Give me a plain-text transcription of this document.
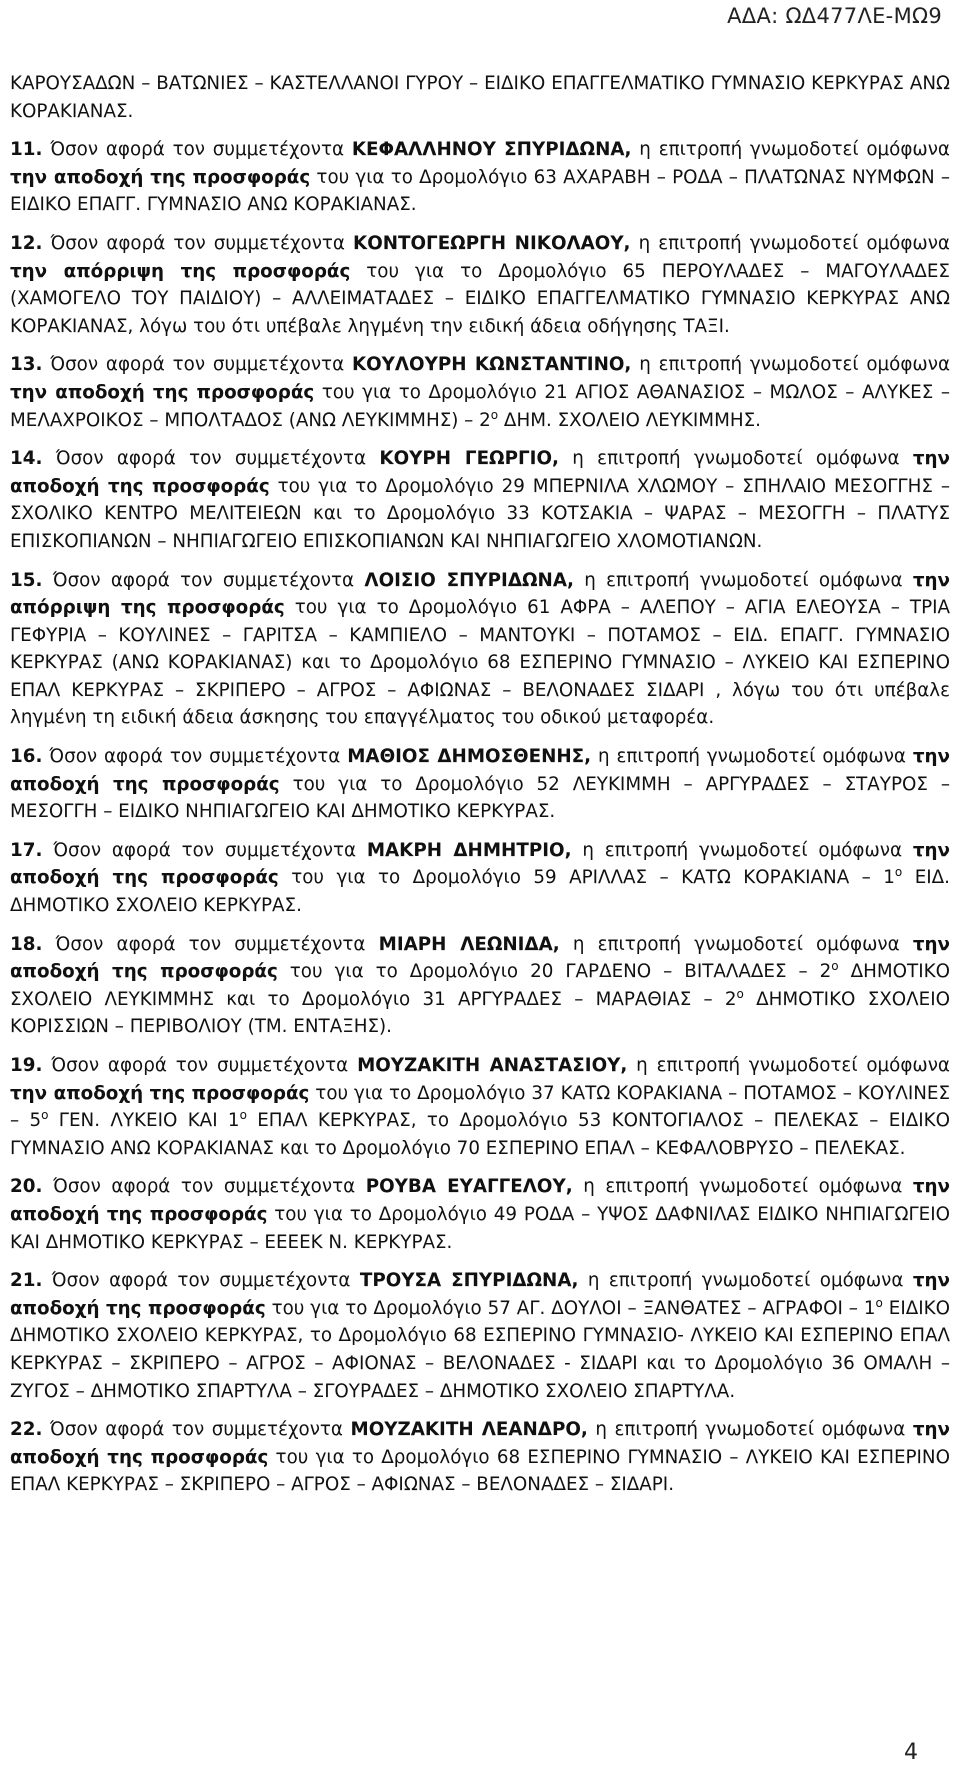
ΑΔΑ: ΩΔ477ΛΕ-ΜΩ9

ΚΑΡΟΥΣΑΔΩΝ – ΒΑΤΩΝΙΕΣ – ΚΑΣΤΕΛΛΑΝΟΙ ΓΥΡΟΥ – ΕΙΔΙΚΟ ΕΠΑΓΓΕΛΜΑΤΙΚΟ ΓΥΜΝΑΣΙΟ ΚΕΡΚΥΡΑΣ ΑΝΩ ΚΟΡΑΚΙΑΝΑΣ.

11. Όσον αφορά τον συμμετέχοντα ΚΕΦΑΛΛΗΝΟΥ ΣΠΥΡΙΔΩΝΑ, η επιτροπή γνωμοδοτεί ομόφωνα την αποδοχή της προσφοράς του για το Δρομολόγιο 63 ΑΧΑΡΑΒΗ – ΡΟΔΑ – ΠΛΑΤΩΝΑΣ ΝΥΜΦΩΝ – ΕΙΔΙΚΟ ΕΠΑΓΓ. ΓΥΜΝΑΣΙΟ ΑΝΩ ΚΟΡΑΚΙΑΝΑΣ.

12. Όσον αφορά τον συμμετέχοντα ΚΟΝΤΟΓΕΩΡΓΗ ΝΙΚΟΛΑΟΥ, η επιτροπή γνωμοδοτεί ομόφωνα την απόρριψη της προσφοράς του για το Δρομολόγιο 65 ΠΕΡΟΥΛΑΔΕΣ – ΜΑΓΟΥΛΑΔΕΣ (ΧΑΜΟΓΕΛΟ ΤΟΥ ΠΑΙΔΙΟΥ) – ΑΛΛΕΙΜΑΤΑΔΕΣ – ΕΙΔΙΚΟ ΕΠΑΓΓΕΛΜΑΤΙΚΟ ΓΥΜΝΑΣΙΟ ΚΕΡΚΥΡΑΣ ΑΝΩ ΚΟΡΑΚΙΑΝΑΣ, λόγω του ότι υπέβαλε ληγμένη την ειδική άδεια οδήγησης ΤΑΞΙ.

13. Όσον αφορά τον συμμετέχοντα ΚΟΥΛΟΥΡΗ ΚΩΝΣΤΑΝΤΙΝΟ, η επιτροπή γνωμοδοτεί ομόφωνα την αποδοχή της προσφοράς του για το Δρομολόγιο 21 ΑΓΙΟΣ ΑΘΑΝΑΣΙΟΣ – ΜΩΛΟΣ – ΑΛΥΚΕΣ – ΜΕΛΑΧΡΟΙΚΟΣ – ΜΠΟΛΤΑΔΟΣ (ΑΝΩ $\Lambda E\Upsilon KIMMH\Sigma) - 2^o$ ΔΗΜ. ΣΧΟΛΕΙΟ ΛΕΥΚΙΜΜΗΣ.

14. Όσον αφορά τον συμμετέχοντα ΚΟΥΡΗ ΓΕΩΡΓΙΟ, η επιτροπή γνωμοδοτεί ομόφωνα την αποδοχή της προσφοράς του για το Δρομολόγιο 29 ΜΠΕΡΝΙΛΑ ΧΛΩΜΟΥ – ΣΠΗΛΑΙΟ ΜΕΣΟΓΓΗΣ – ΣΧΟΛΙΚΟ ΚΕΝΤΡΟ ΜΕΛΙΤΕΙΕΩΝ και το Δρομολόγιο 33 ΚΟΤΣΑΚΙΑ – ΨΑΡΑΣ – ΜΕΣΟΓΓΗ – ΠΛΑΤΥΣ ΕΠΙΣΚΟΠΙΑΝΩΝ – ΝΗΠΙΑΓΩΓΕΙΟ ΕΠΙΣΚΟΠΙΑΝΩΝ ΚΑΙ ΝΗΠΙΑΓΩΓΕΙΟ ΧΛΟΜΟΤΙΑΝΩΝ.

15. Όσον αφορά τον συμμετέχοντα ΛΟΙΣΙΟ ΣΠΥΡΙΔΩΝΑ, η επιτροπή γνωμοδοτεί ομόφωνα την απόρριψη της προσφοράς του για το Δρομολόγιο 61 ΑΦΡΑ – ΑΛΕΠΟΥ – ΑΓΙΑ ΕΛΕΟΥΣΑ – ΤΡΙΑ ΓΕΦΥΡΙΑ – ΚΟΥΛΙΝΕΣ – ΓΑΡΙΤΣΑ – ΚΑΜΠΙΕΛΟ – ΜΑΝΤΟΥΚΙ – ΠΟΤΑΜΟΣ – ΕΙΔ. ΕΠΑΓΓ. ΓΥΜΝΑΣΙΟ ΚΕΡΚΥΡΑΣ (ΑΝΩ ΚΟΡΑΚΙΑΝΑΣ) και το Δρομολόγιο 68 ΕΣΠΕΡΙΝΟ ΓΥΜΝΑΣΙΟ – ΛΥΚΕΙΟ ΚΑΙ ΕΣΠΕΡΙΝΟ ΕΠΑΛ ΚΕΡΚΥΡΑΣ – ΣΚΡΙΠΕΡΟ – ΑΓΡΟΣ – ΑΦΙΩΝΑΣ – ΒΕΛΟΝΑΔΕΣ ΣΙΔΑΡΙ , λόγω του ότι υπέβαλε ληγμένη τη ειδική άδεια άσκησης του επαγγέλματος του οδικού μεταφορέα.

16. Όσον αφορά τον συμμετέχοντα ΜΑΘΙΟΣ ΔΗΜΟΣΘΕΝΗΣ, η επιτροπή γνωμοδοτεί ομόφωνα την αποδοχή της προσφοράς του για το Δρομολόγιο 52 ΛΕΥΚΙΜΜΗ – ΑΡΓΥΡΑΔΕΣ – ΣΤΑΥΡΟΣ – ΜΕΣΟΓΓΗ – ΕΙΔΙΚΟ ΝΗΠΙΑΓΩΓΕΙΟ ΚΑΙ ΔΗΜΟΤΙΚΟ ΚΕΡΚΥΡΑΣ.

17. Όσον αφορά τον συμμετέχοντα ΜΑΚΡΗ ΔΗΜΗΤΡΙΟ, η επιτροπή γνωμοδοτεί ομόφωνα την αποδοχή της προσφοράς του για το Δρομολόγιο 59 ΑΡΙΛΛΑΣ – ΚΑΤΩ ΚΟΡΑΚΙΑΝΑ – $1^o$ ΕΙΔ. ΔΗΜΟΤΙΚΟ ΣΧΟΛΕΙΟ ΚΕΡΚΥΡΑΣ.

18. Όσον αφορά τον συμμετέχοντα ΜΙΑΡΗ ΛΕΩΝΙΔΑ, η επιτροπή γνωμοδοτεί ομόφωνα την αποδοχή της προσφοράς του για το Δρομολόγιο 20 ΓΑΡΔΕΝΟ – ΒΙΤΑΛΑΔΕΣ – $2^o$ ΔΗΜΟΤΙΚΟ ΣΧΟΛΕΙΟ ΛΕΥΚΙΜΜΗΣ και το Δρομολόγιο 31 ΑΡΓΥΡΑΔΕΣ – ΜΑΡΑΘΙΑΣ – $2^o$ ΔΗΜΟΤΙΚΟ ΣΧΟΛΕΙΟ ΚΟΡΙΣΣΙΩΝ – ΠΕΡΙΒΟΛΙΟΥ (ΤΜ. ΕΝΤΑΞΗΣ).

19. Όσον αφορά τον συμμετέχοντα ΜΟΥΖΑΚΙΤΗ ΑΝΑΣΤΑΣΙΟΥ, η επιτροπή γνωμοδοτεί ομόφωνα την αποδοχή της προσφοράς του για το Δρομολόγιο 37 ΚΑΤΩ ΚΟΡΑΚΙΑΝΑ – ΠΟΤΑΜΟΣ – ΚΟΥΛΙΝΕΣ – $5^o$ ΓΕΝ. ΛΥΚΕΙΟ ΚΑΙ $1^o$ ΕΠΑΛ ΚΕΡΚΥΡΑΣ, το Δρομολόγιο 53 ΚΟΝΤΟΓΙΑΛΟΣ – ΠΕΛΕΚΑΣ – ΕΙΔΙΚΟ ΓΥΜΝΑΣΙΟ ΑΝΩ ΚΟΡΑΚΙΑΝΑΣ και το Δρομολόγιο 70 ΕΣΠΕΡΙΝΟ ΕΠΑΛ – ΚΕΦΑΛΟΒΡΥΣΟ – ΠΕΛΕΚΑΣ.

20. Όσον αφορά τον συμμετέχοντα ΡΟΥΒΑ ΕΥΑΓΓΕΛΟΥ, η επιτροπή γνωμοδοτεί ομόφωνα την αποδοχή της προσφοράς του για το Δρομολόγιο 49 ΡΟΔΑ – ΥΨΟΣ ΔΑΦΝΙΛΑΣ ΕΙΔΙΚΟ ΝΗΠΙΑΓΩΓΕΙΟ ΚΑΙ ΔΗΜΟΤΙΚΟ ΚΕΡΚΥΡΑΣ – ΕΕΕΕΚ Ν. ΚΕΡΚΥΡΑΣ.

21. Όσον αφορά τον συμμετέχοντα ΤΡΟΥΣΑ ΣΠΥΡΙΔΩΝΑ, η επιτροπή γνωμοδοτεί ομόφωνα την αποδοχή της προσφοράς του για το Δρομολόγιο 57 ΑΓ. ΔΟΥΛΟΙ – ΞΑΝΘΑΤΕΣ – ΑΓΡΑΦΟΙ – $1^o$ ΕΙΔΙΚΟ ΔΗΜΟΤΙΚΟ ΣΧΟΛΕΙΟ ΚΕΡΚΥΡΑΣ, το Δρομολόγιο 68 ΕΣΠΕΡΙΝΟ ΓΥΜΝΑΣΙΟ- ΛΥΚΕΙΟ ΚΑΙ ΕΣΠΕΡΙΝΟ ΕΠΑΛ ΚΕΡΚΥΡΑΣ – ΣΚΡΙΠΕΡΟ – ΑΓΡΟΣ – ΑΦΙΟΝΑΣ – ΒΕΛΟΝΑΔΕΣ - ΣΙΔΑΡΙ και το Δρομολόγιο 36 ΟΜΑΛΗ – ΖΥΓΟΣ – ΔΗΜΟΤΙΚΟ ΣΠΑΡΤΥΛΑ – ΣΓΟΥΡΑΔΕΣ – ΔΗΜΟΤΙΚΟ ΣΧΟΛΕΙΟ ΣΠΑΡΤΥΛΑ.

22. Όσον αφορά τον συμμετέχοντα ΜΟΥΖΑΚΙΤΗ ΛΕΑΝΔΡΟ, η επιτροπή γνωμοδοτεί ομόφωνα την αποδοχή της προσφοράς του για το Δρομολόγιο 68 ΕΣΠΕΡΙΝΟ ΓΥΜΝΑΣΙΟ – ΛΥΚΕΙΟ ΚΑΙ ΕΣΠΕΡΙΝΟ ΕΠΑΛ ΚΕΡΚΥΡΑΣ – ΣΚΡΙΠΕΡΟ – ΑΓΡΟΣ – ΑΦΙΩΝΑΣ – ΒΕΛΟΝΑΔΕΣ – ΣΙΔΑΡΙ.

4
